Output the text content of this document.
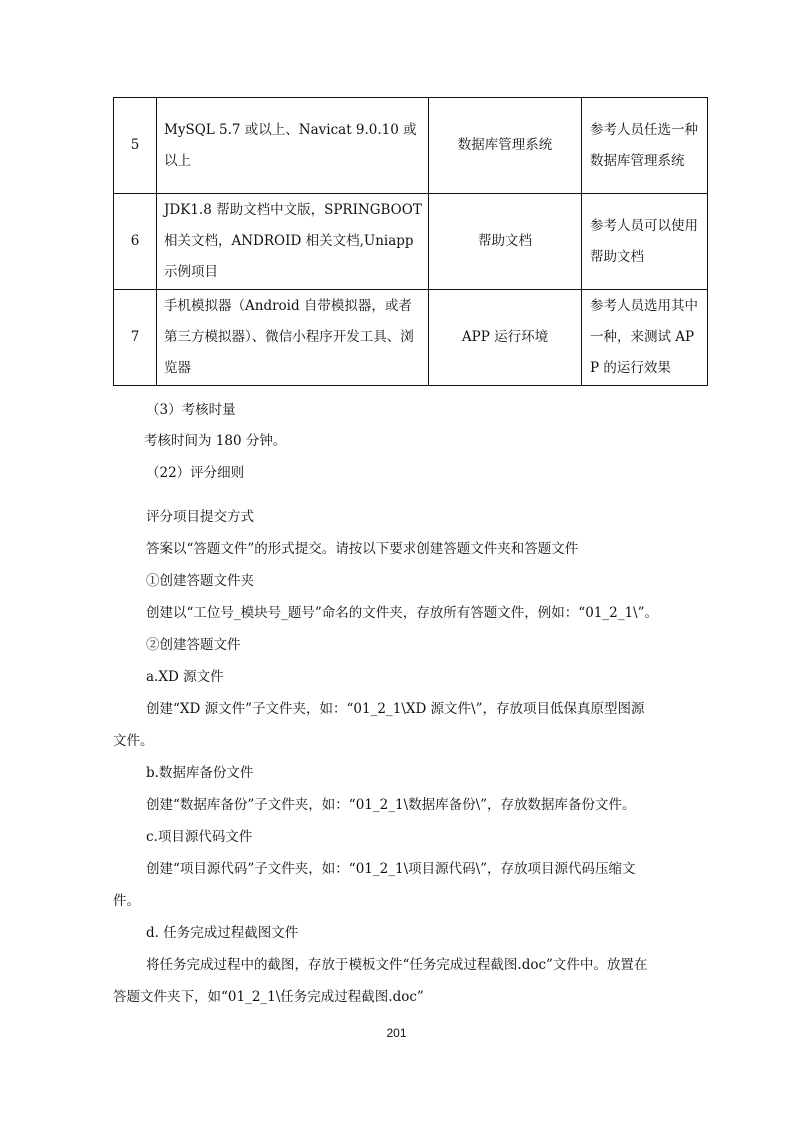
5	MySQL 5.7 或以上、Navicat 9.0.10 或以上	数据库管理系统	参考人员任选一种数据库管理系统

6	JDK1.8 帮助文档中文版，SPRINGBOOT 相关文档，ANDROID 相关文档,Uniapp 示例项目	帮助文档	参考人员可以使用帮助文档

7	手机模拟器（Android 自带模拟器，或者第三方模拟器）、微信小程序开发工具、浏览器	APP 运行环境	参考人员选用其中一种，来测试 APP 的运行效果
（3）考核时量
考核时间为 180 分钟。
（22）评分细则
评分项目提交方式
答案以“答题文件”的形式提交。请按以下要求创建答题文件夹和答题文件
①创建答题文件夹
创建以“工位号_模块号_题号”命名的文件夹，存放所有答题文件，例如：“01_2_1\”。
②创建答题文件
a.XD 源文件
创建“XD 源文件”子文件夹，如：“01_2_1\XD 源文件\”，存放项目低保真原型图源
文件。
b.数据库备份文件
创建“数据库备份”子文件夹，如：“01_2_1\数据库备份\”，存放数据库备份文件。
c.项目源代码文件
创建“项目源代码”子文件夹，如：“01_2_1\项目源代码\”，存放项目源代码压缩文
件。
d. 任务完成过程截图文件
将任务完成过程中的截图，存放于模板文件“任务完成过程截图.doc”文件中。放置在
答题文件夹下，如“01_2_1\任务完成过程截图.doc”
201
